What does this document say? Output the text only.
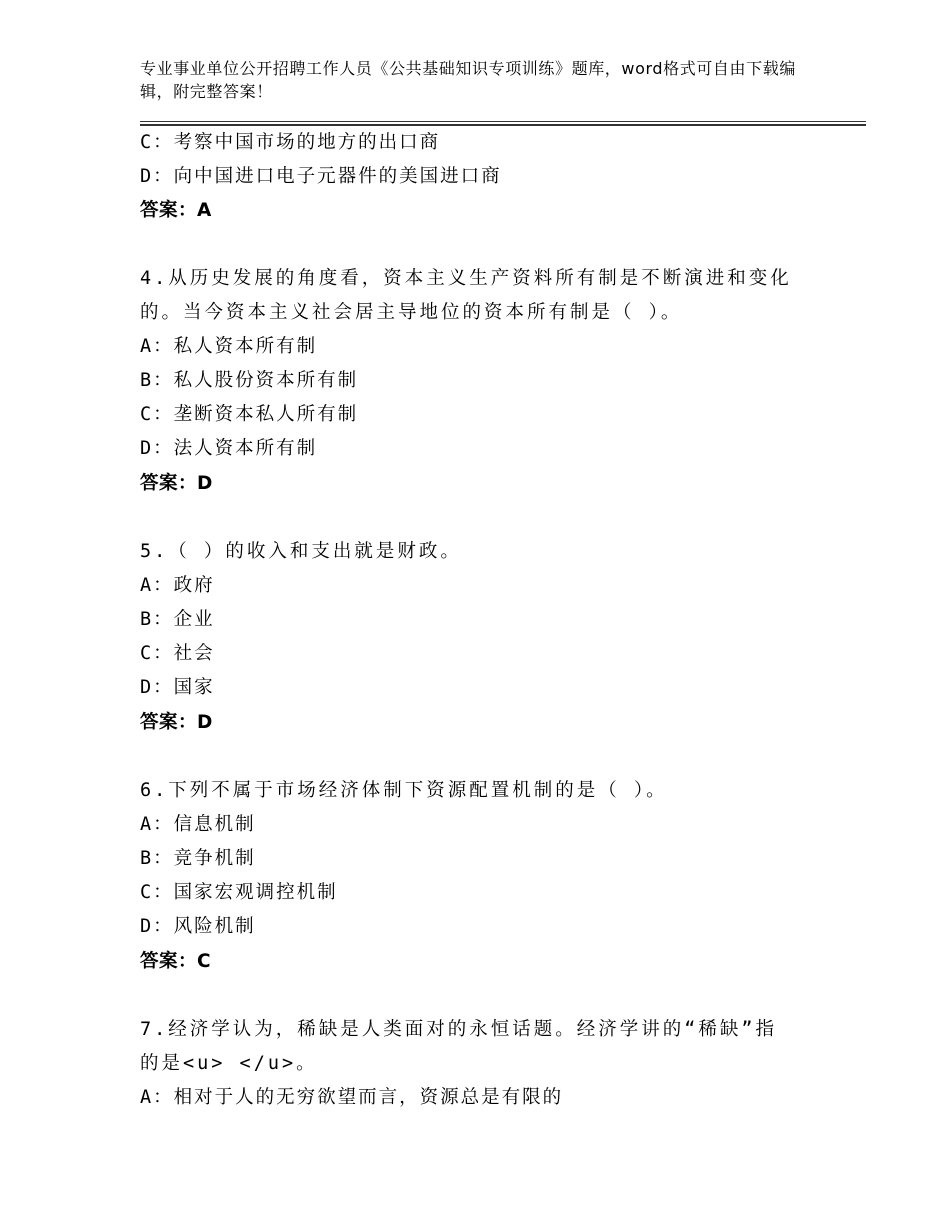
专业事业单位公开招聘工作人员《公共基础知识专项训练》题库，word格式可自由下载编辑，附完整答案！
C：考察中国市场的地方的出口商
D：向中国进口电子元器件的美国进口商
答案：A
4.从历史发展的角度看，资本主义生产资料所有制是不断演进和变化
的。当今资本主义社会居主导地位的资本所有制是（ ）。
A：私人资本所有制
B：私人股份资本所有制
C：垄断资本私人所有制
D：法人资本所有制
答案：D
5.（ ）的收入和支出就是财政。
A：政府
B：企业
C：社会
D：国家
答案：D
6.下列不属于市场经济体制下资源配置机制的是（ ）。
A：信息机制
B：竞争机制
C：国家宏观调控机制
D：风险机制
答案：C
7.经济学认为，稀缺是人类面对的永恒话题。经济学讲的“稀缺”指
的是<u> </u>。
A：相对于人的无穷欲望而言，资源总是有限的
